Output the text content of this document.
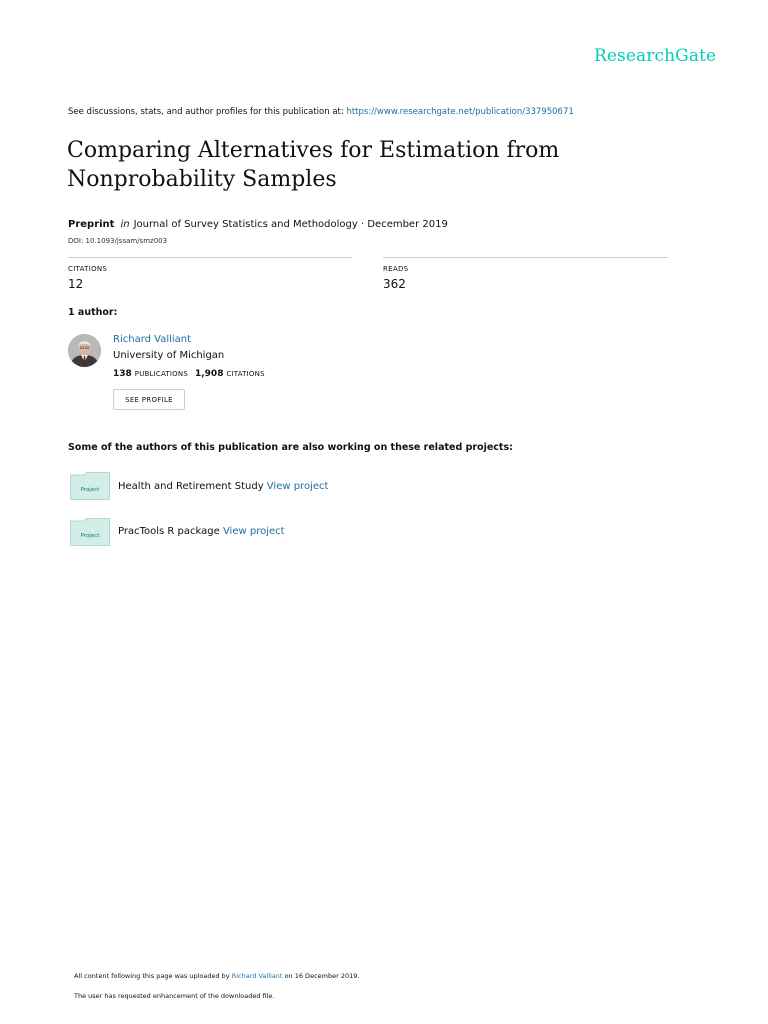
ResearchGate
See discussions, stats, and author profiles for this publication at: https://www.researchgate.net/publication/337950671
Comparing Alternatives for Estimation from
Nonprobability Samples
Preprint in Journal of Survey Statistics and Methodology · December 2019
DOI: 10.1093/jssam/smz003
CITATIONS
12
READS
362
1 author:
Richard Valliant
University of Michigan
138 PUBLICATIONS 1,908 CITATIONS
SEE PROFILE
Some of the authors of this publication are also working on these related projects:
Project Health and Retirement Study View project
Project PracTools R package View project
All content following this page was uploaded by Richard Valliant on 16 December 2019.
The user has requested enhancement of the downloaded file.
